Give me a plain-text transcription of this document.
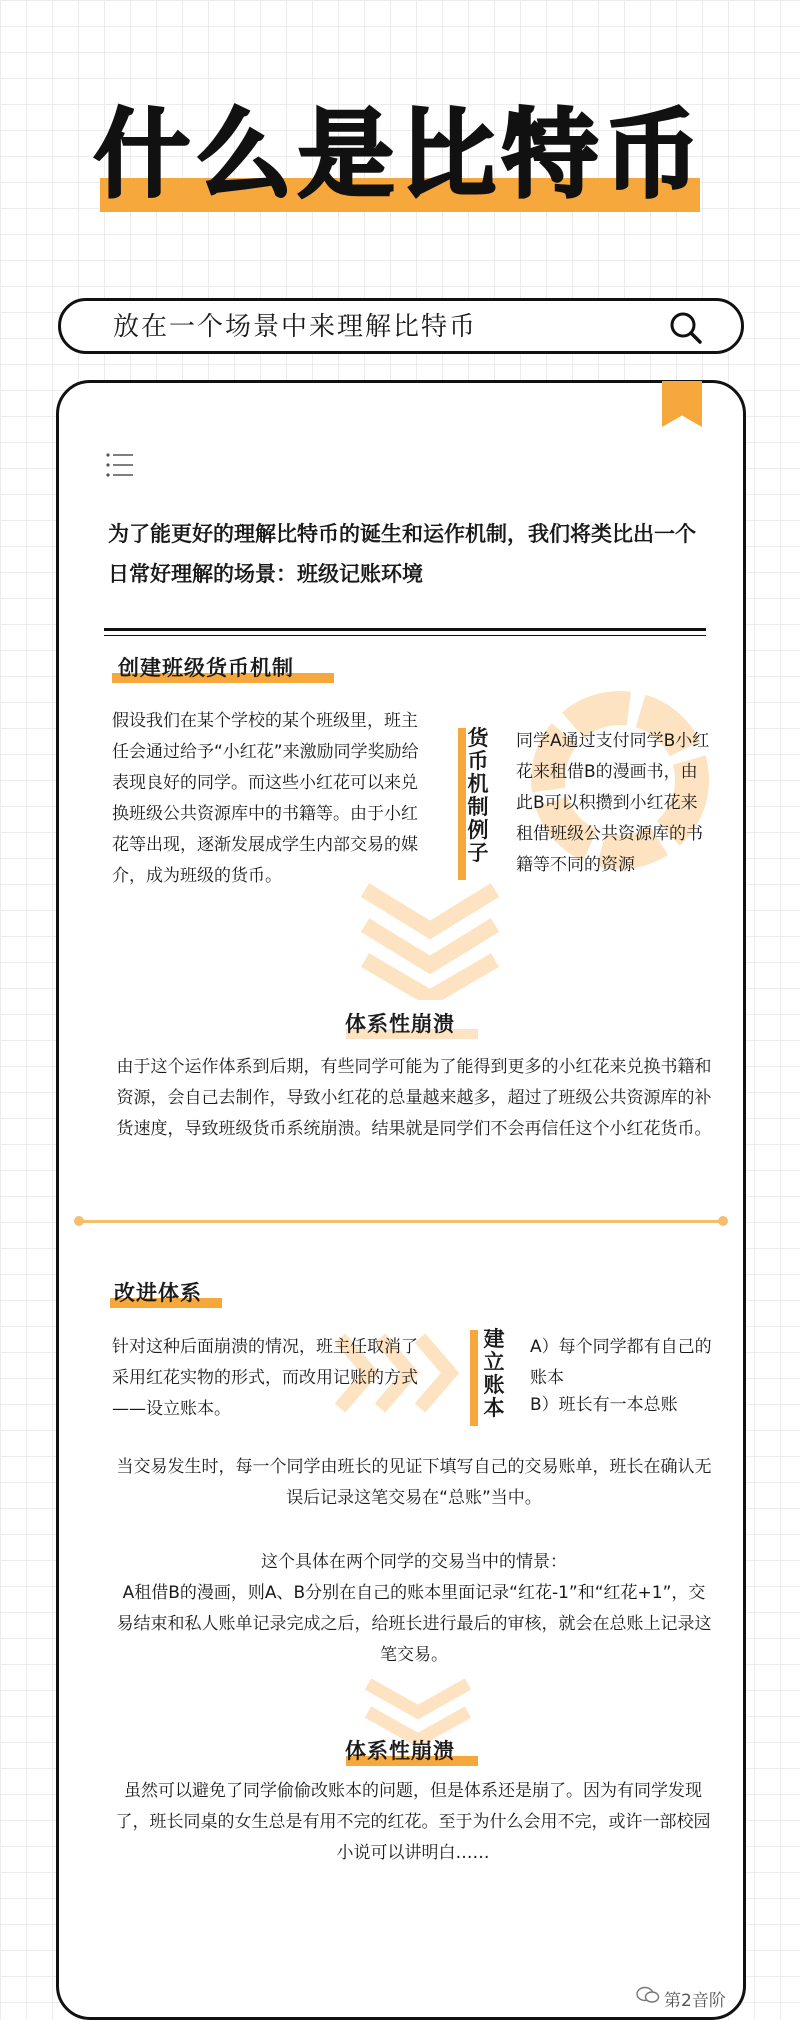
什么是比特币
放在一个场景中来理解比特币
为了能更好的理解比特币的诞生和运作机制，我们将类比出一个日常好理解的场景：班级记账环境
创建班级货币机制
假设我们在某个学校的某个班级里，班主任会通过给予“小红花”来激励同学奖励给表现良好的同学。而这些小红花可以来兑换班级公共资源库中的书籍等。由于小红花等出现，逐渐发展成学生内部交易的媒介，成为班级的货币。
货币机制例子
同学A通过支付同学B小红花来租借B的漫画书，由此B可以积攒到小红花来租借班级公共资源库的书籍等不同的资源
体系性崩溃
由于这个运作体系到后期，有些同学可能为了能得到更多的小红花来兑换书籍和资源，会自己去制作，导致小红花的总量越来越多，超过了班级公共资源库的补货速度，导致班级货币系统崩溃。结果就是同学们不会再信任这个小红花货币。
改进体系
针对这种后面崩溃的情况，班主任取消了采用红花实物的形式，而改用记账的方式——设立账本。
建立账本
A）每个同学都有自己的账本
B）班长有一本总账
当交易发生时，每一个同学由班长的见证下填写自己的交易账单，班长在确认无误后记录这笔交易在“总账”当中。
这个具体在两个同学的交易当中的情景：
A租借B的漫画，则A、B分别在自己的账本里面记录“红花-1”和“红花+1”，交易结束和私人账单记录完成之后，给班长进行最后的审核，就会在总账上记录这笔交易。
体系性崩溃
虽然可以避免了同学偷偷改账本的问题，但是体系还是崩了。因为有同学发现了，班长同桌的女生总是有用不完的红花。至于为什么会用不完，或许一部校园小说可以讲明白……
第2音阶
